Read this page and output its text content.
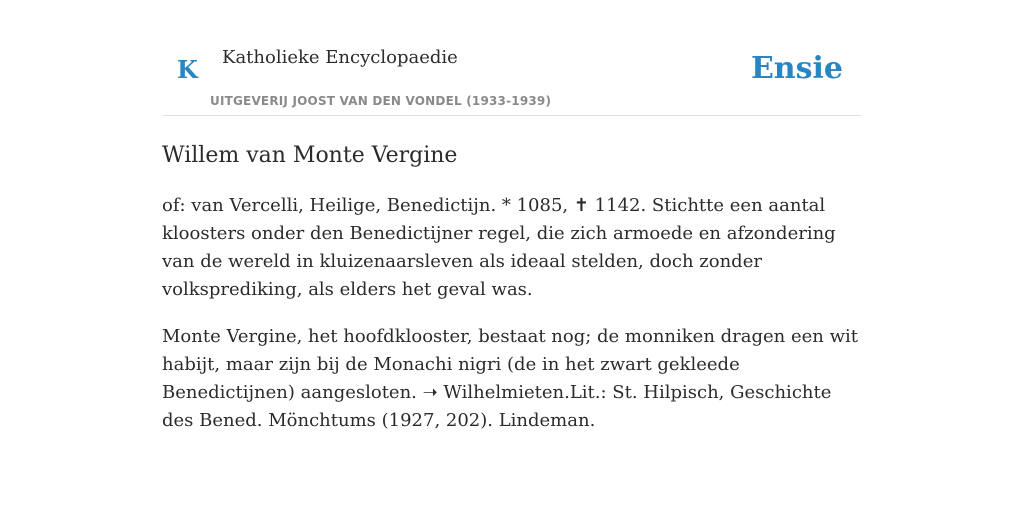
K Katholieke Encyclopaedie
UITGEVERIJ JOOST VAN DEN VONDEL (1933-1939)
Ensie
Willem van Monte Vergine

of: van Vercelli, Heilige, Benedictijn. * 1085, ✝ 1142. Stichtte een aantal kloosters onder den Benedictijner regel, die zich armoede en afzondering van de wereld in kluizenaarsleven als ideaal stelden, doch zonder volksprediking, als elders het geval was.

Monte Vergine, het hoofdklooster, bestaat nog; de monniken dragen een wit habijt, maar zijn bij de Monachi nigri (de in het zwart gekleede Benedictijnen) aangesloten. ➝ Wilhelmieten.Lit.: St. Hilpisch, Geschichte des Bened. Mönchtums (1927, 202). Lindeman.
